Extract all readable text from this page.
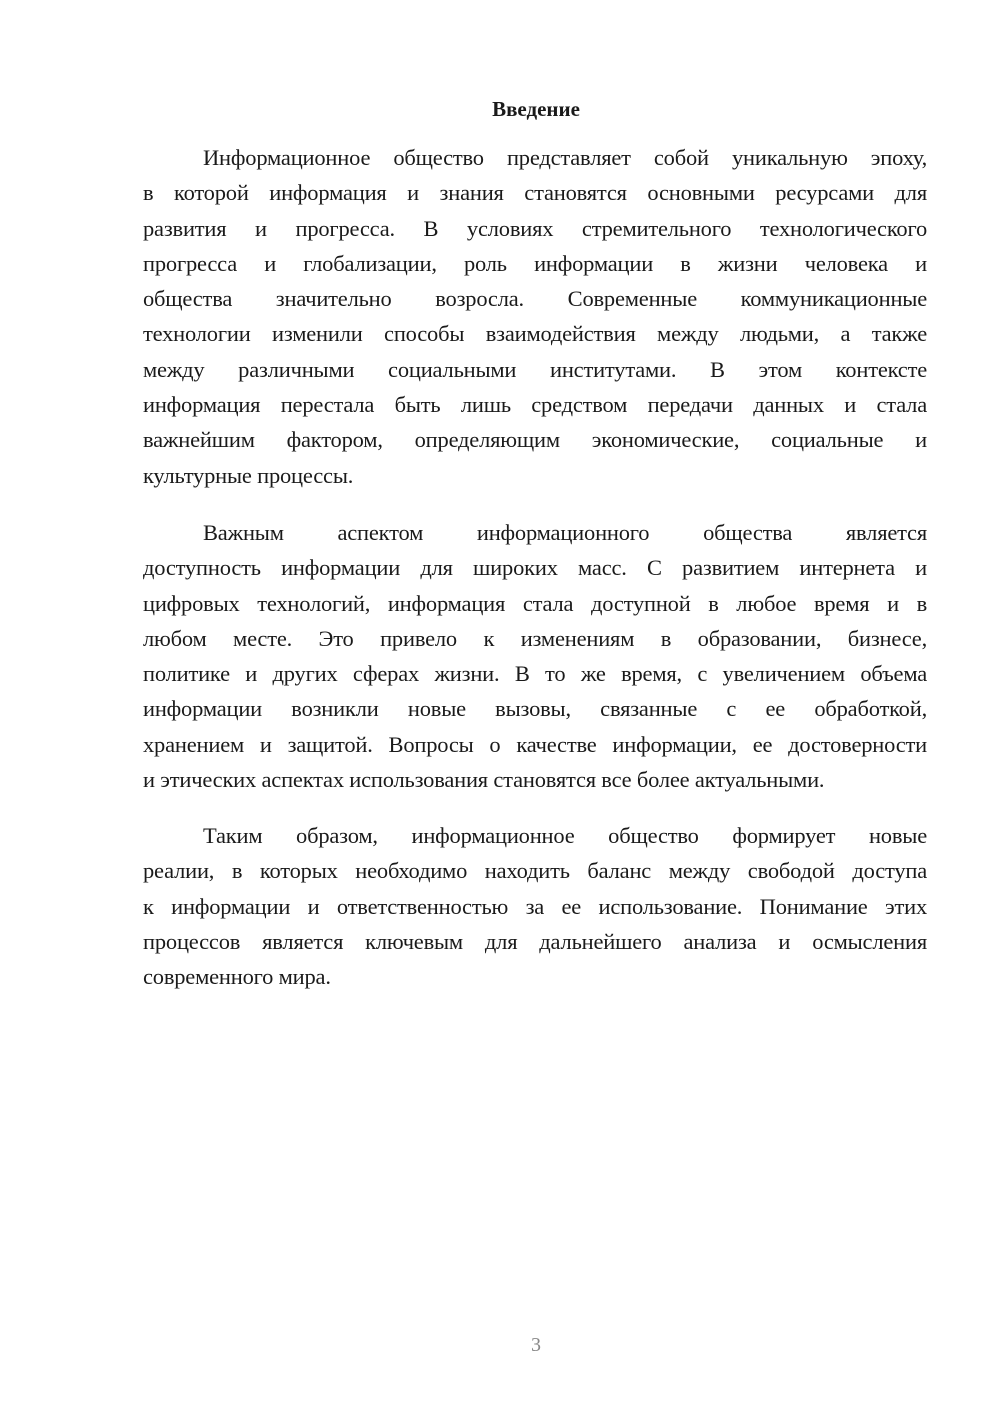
Введение
Информационное общество представляет собой уникальную эпоху,
в которой информация и знания становятся основными ресурсами для
развития и прогресса. В условиях стремительного технологического
прогресса и глобализации, роль информации в жизни человека и
общества значительно возросла. Современные коммуникационные
технологии изменили способы взаимодействия между людьми, а также
между различными социальными институтами. В этом контексте
информация перестала быть лишь средством передачи данных и стала
важнейшим фактором, определяющим экономические, социальные и
культурные процессы.
Важным аспектом информационного общества является
доступность информации для широких масс. С развитием интернета и
цифровых технологий, информация стала доступной в любое время и в
любом месте. Это привело к изменениям в образовании, бизнесе,
политике и других сферах жизни. В то же время, с увеличением объема
информации возникли новые вызовы, связанные с ее обработкой,
хранением и защитой. Вопросы о качестве информации, ее достоверности
и этических аспектах использования становятся все более актуальными.
Таким образом, информационное общество формирует новые
реалии, в которых необходимо находить баланс между свободой доступа
к информации и ответственностью за ее использование. Понимание этих
процессов является ключевым для дальнейшего анализа и осмысления
современного мира.
3
